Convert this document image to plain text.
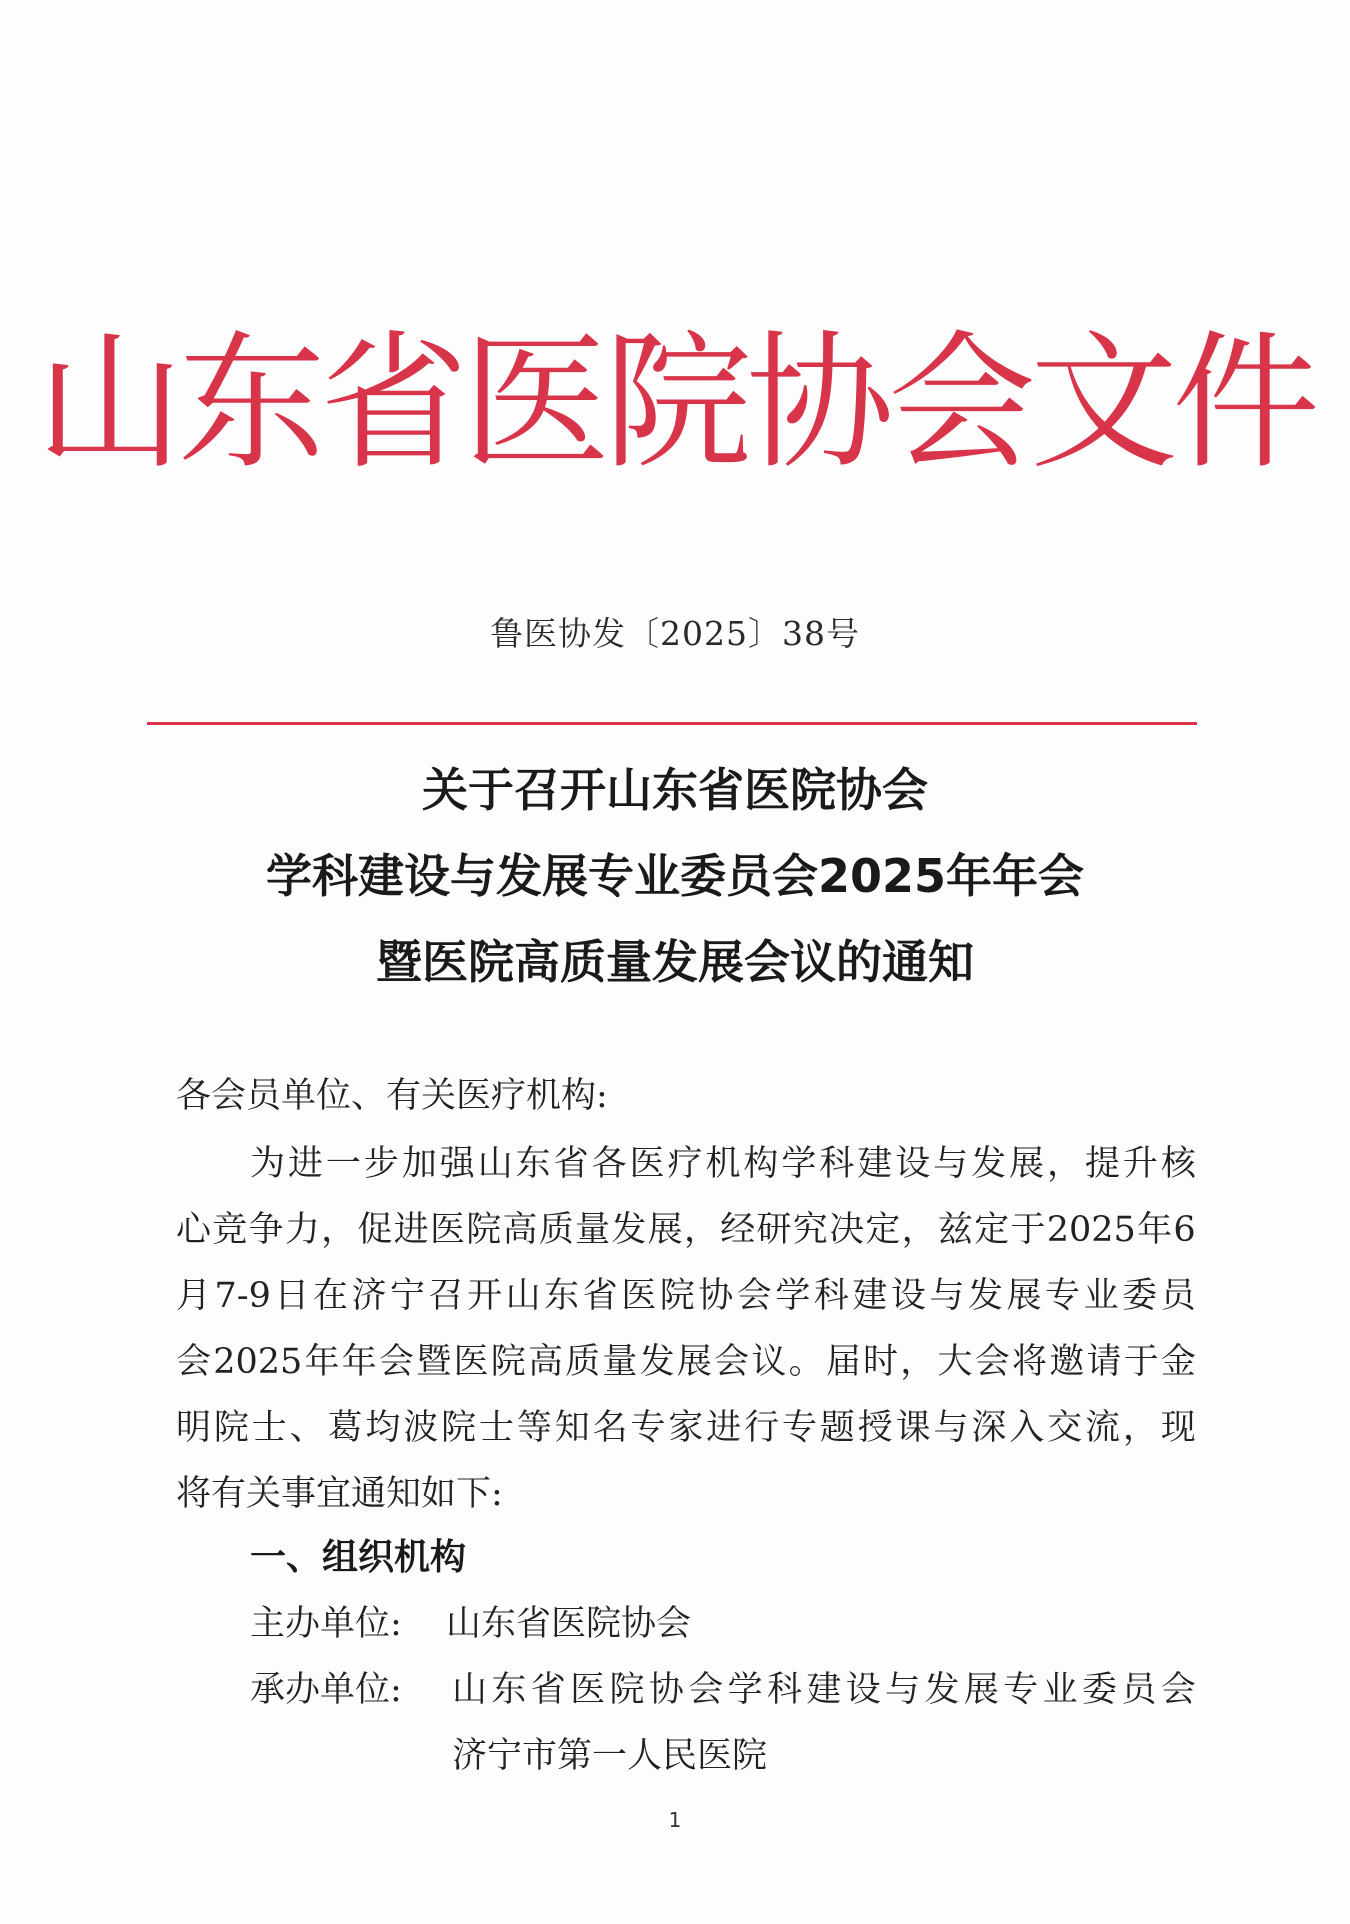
山东省医院协会文件
鲁医协发〔2025〕38号
关于召开山东省医院协会
学科建设与发展专业委员会2025年年会
暨医院高质量发展会议的通知
各会员单位、有关医疗机构:
为 进 一 步 加 强 山 东 省 各 医 疗 机 构 学 科 建 设 与 发 展 ， 提 升 核
心 竞 争 力 ， 促 进 医 院 高 质 量 发 展 ， 经 研 究 决 定 ， 兹 定 于 2025 年 6
月 7-9 日 在 济 宁 召 开 山 东 省 医 院 协 会 学 科 建 设 与 发 展 专 业 委 员
会 2025 年 年 会 暨 医 院 高 质 量 发 展 会 议 。 届 时 ， 大 会 将 邀 请 于 金
明 院 士 、 葛 均 波 院 士 等 知 名 专 家 进 行 专 题 授 课 与 深 入 交 流 ， 现
将有关事宜通知如下:
一、组织机构
主办单位: 山东省医院协会
承办单位: 山 东 省 医 院 协 会 学 科 建 设 与 发 展 专 业 委 员 会
济宁市第一人民医院
1
